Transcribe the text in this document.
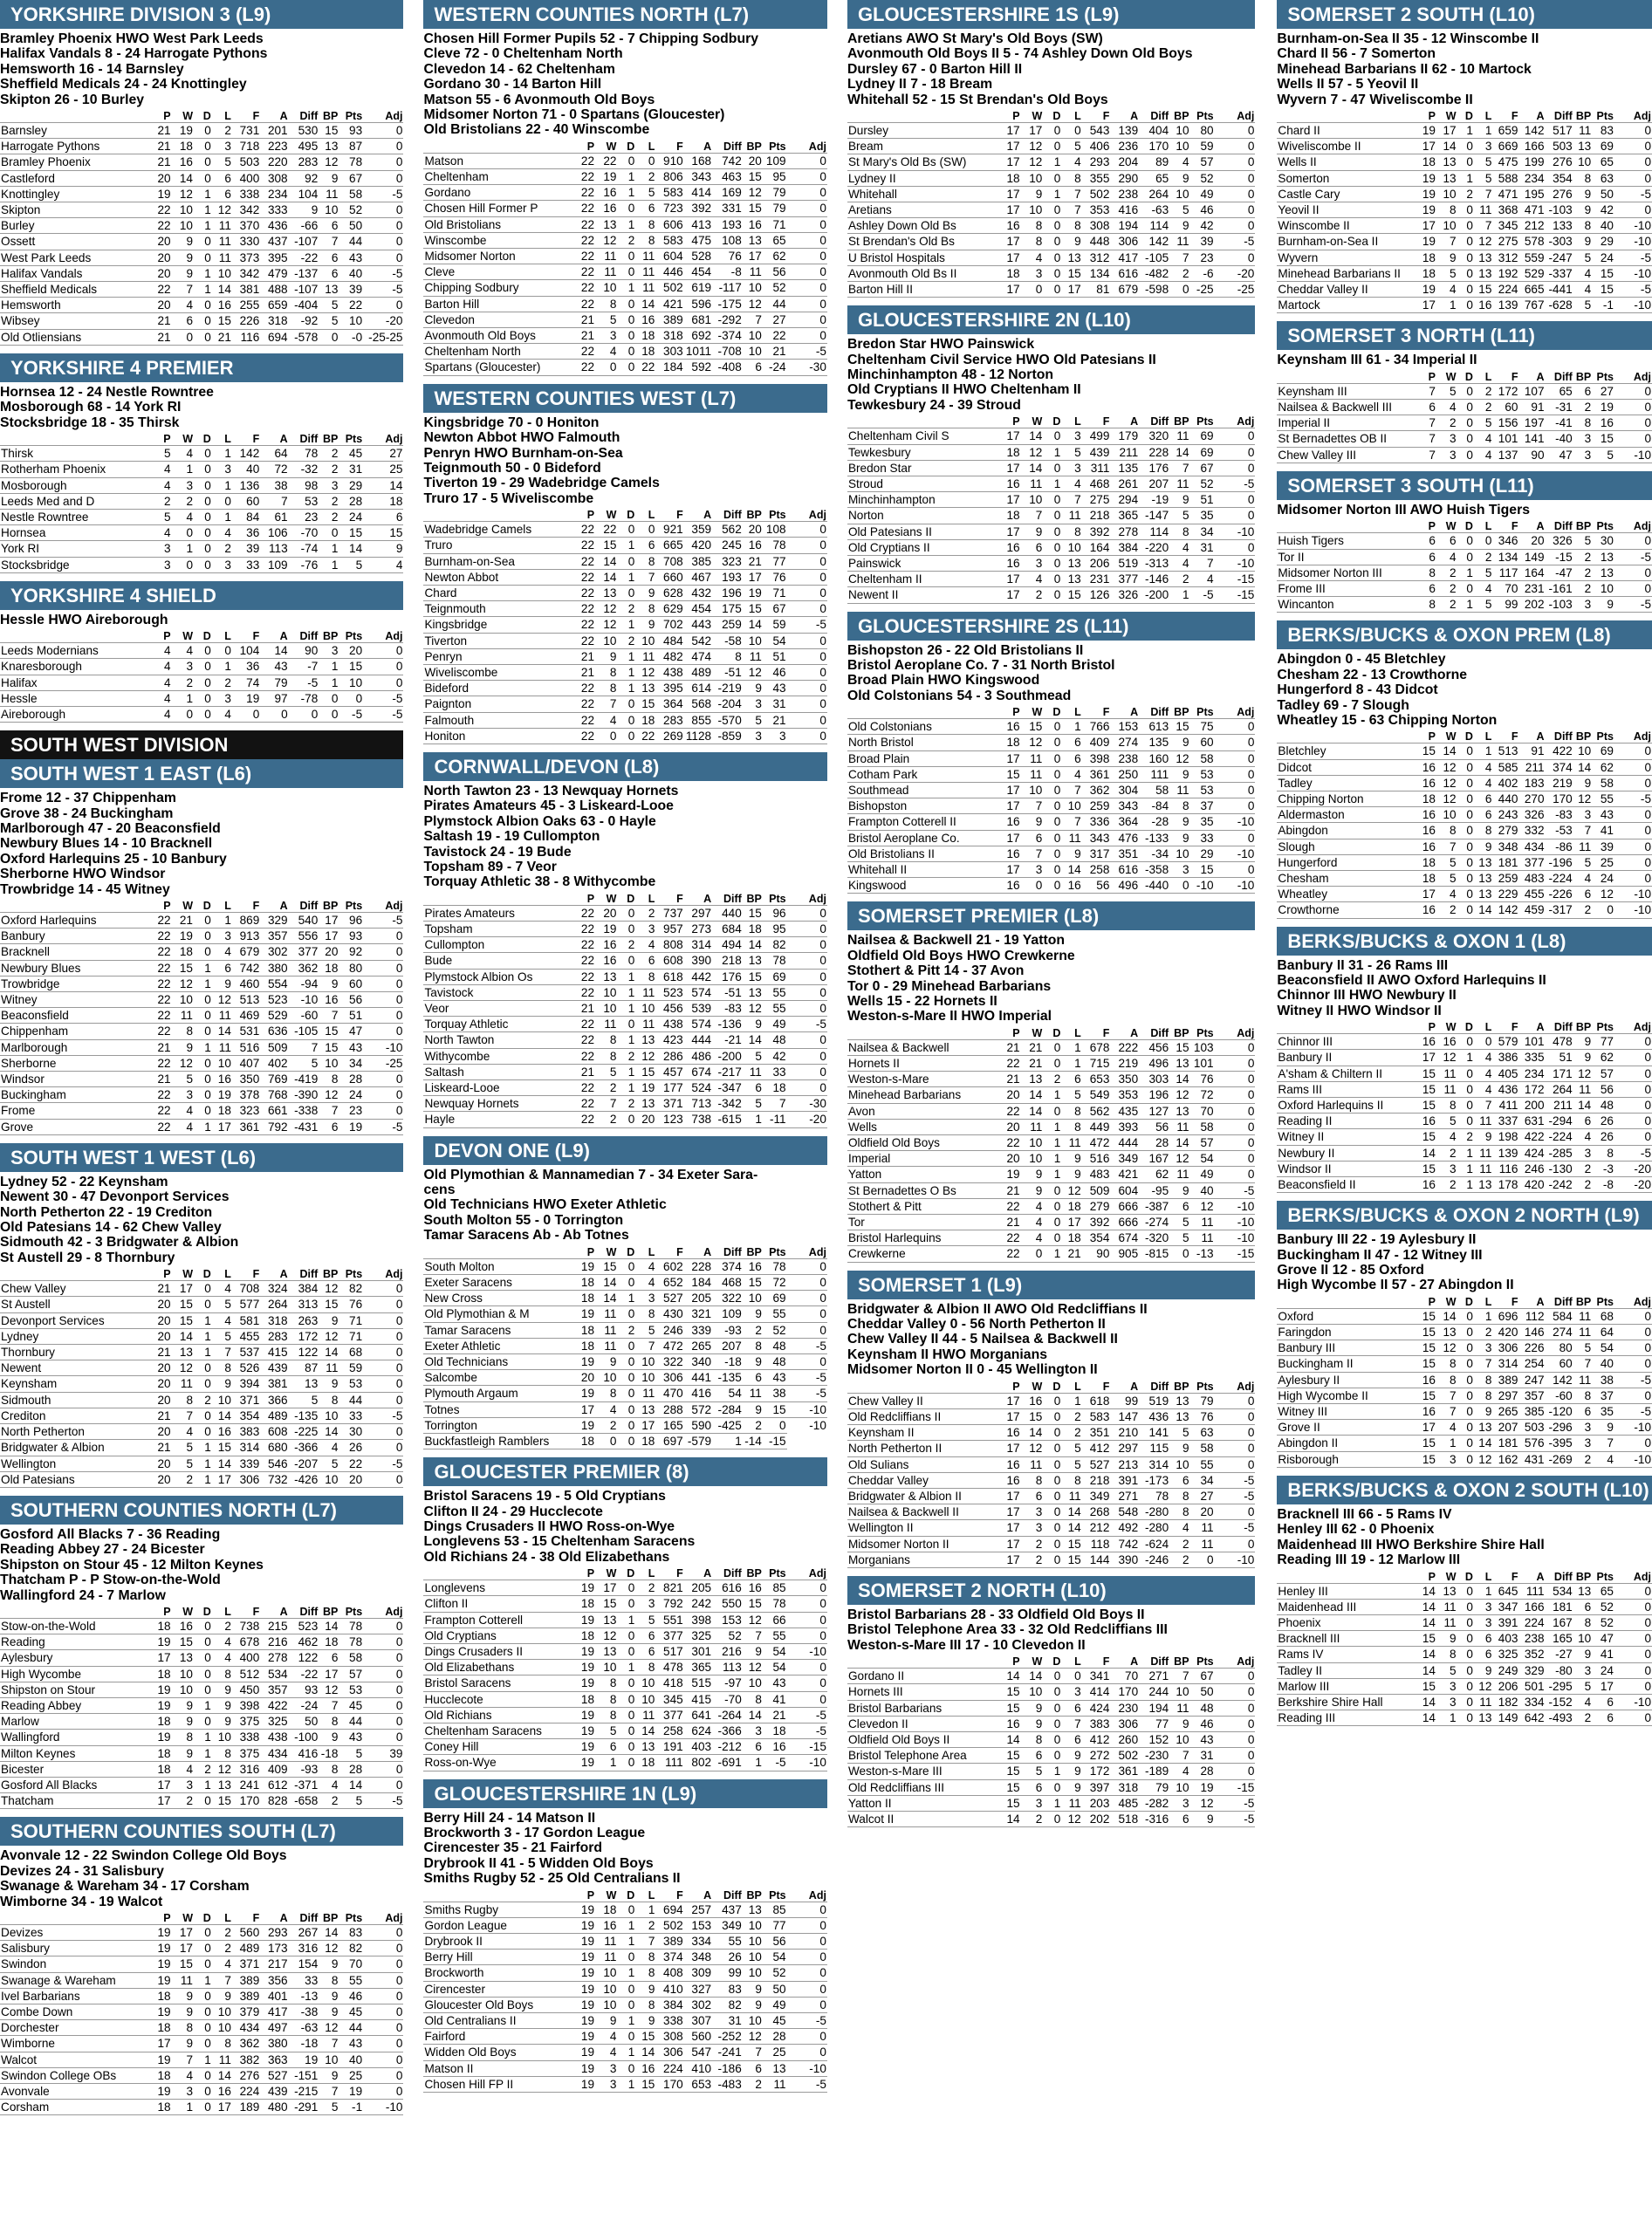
YORKSHIRE DIVISION 3 (L9)
Bramley Phoenix HWO West Park Leeds
Halifax Vandals 8 - 24 Harrogate Pythons
Hemsworth 16 - 14 Barnsley
Sheffield Medicals 24 - 24 Knottingley
Skipton 26 - 10 Burley
	P	W	D	L	F	A	Diff	BP	Pts	Adj
Barnsley	21	19	0	2	731	201	530	15	93	0
Harrogate Pythons	21	18	0	3	718	223	495	13	87	0
Bramley Phoenix	21	16	0	5	503	220	283	12	78	0
Castleford	20	14	0	6	400	308	92	9	67	0
Knottingley	19	12	1	6	338	234	104	11	58	-5
Skipton	22	10	1	12	342	333	9	10	52	0
Burley	22	10	1	11	370	436	-66	6	50	0
Ossett	20	9	0	11	330	437	-107	7	44	0
West Park Leeds	20	9	0	11	373	395	-22	6	43	0
Halifax Vandals	20	9	1	10	342	479	-137	6	40	-5
Sheffield Medicals	22	7	1	14	381	488	-107	13	39	-5
Hemsworth	20	4	0	16	255	659	-404	5	22	0
Wibsey	21	6	0	15	226	318	-92	5	10	-20
Old Otliensians	21	0	0	21	116	694	-578	0	-0	-25-25
YORKSHIRE 4 PREMIER
Hornsea 12 - 24 Nestle Rowntree
Mosborough 68 - 14 York RI
Stocksbridge 18 - 35 Thirsk
	P	W	D	L	F	A	Diff	BP	Pts	Adj
Thirsk	5	4	0	1	142	64	78	2	45	27
Rotherham Phoenix	4	1	0	3	40	72	-32	2	31	25
Mosborough	4	3	0	1	136	38	98	3	29	14
Leeds Med and D	2	2	0	0	60	7	53	2	28	18
Nestle Rowntree	5	4	0	1	84	61	23	2	24	6
Hornsea	4	0	0	4	36	106	-70	0	15	15
York RI	3	1	0	2	39	113	-74	1	14	9
Stocksbridge	3	0	0	3	33	109	-76	1	5	4
YORKSHIRE 4 SHIELD
Hessle HWO Aireborough
	P	W	D	L	F	A	Diff	BP	Pts	Adj
Leeds Modernians	4	4	0	0	104	14	90	3	20	0
Knaresborough	4	3	0	1	36	43	-7	1	15	0
Halifax	4	2	0	2	74	79	-5	1	10	0
Hessle	4	1	0	3	19	97	-78	0	0	-5
Aireborough	4	0	0	4	0	0	0	0	-5	-5
SOUTH WEST DIVISION
SOUTH WEST 1 EAST (L6)
Frome 12 - 37 Chippenham
Grove 38 - 24 Buckingham
Marlborough 47 - 20 Beaconsfield
Newbury Blues 14 - 10 Bracknell
Oxford Harlequins 25 - 10 Banbury
Sherborne HWO Windsor
Trowbridge 14 - 45 Witney
	P	W	D	L	F	A	Diff	BP	Pts	Adj
Oxford Harlequins	22	21	0	1	869	329	540	17	96	-5
Banbury	22	19	0	3	913	357	556	17	93	0
Bracknell	22	18	0	4	679	302	377	20	92	0
Newbury Blues	22	15	1	6	742	380	362	18	80	0
Trowbridge	22	12	1	9	460	554	-94	9	60	0
Witney	22	10	0	12	513	523	-10	16	56	0
Beaconsfield	22	11	0	11	469	529	-60	7	51	0
Chippenham	22	8	0	14	531	636	-105	15	47	0
Marlborough	21	9	1	11	516	509	7	15	43	-10
Sherborne	22	12	0	10	407	402	5	10	34	-25
Windsor	21	5	0	16	350	769	-419	8	28	0
Buckingham	22	3	0	19	378	768	-390	12	24	0
Frome	22	4	0	18	323	661	-338	7	23	0
Grove	22	4	1	17	361	792	-431	6	19	-5
SOUTH WEST 1 WEST (L6)
Lydney 52 - 22 Keynsham
Newent 30 - 47 Devonport Services
North Petherton 22 - 19 Crediton
Old Patesians 14 - 62 Chew Valley
Sidmouth 42 - 3 Bridgwater & Albion
St Austell 29 - 8 Thornbury
	P	W	D	L	F	A	Diff	BP	Pts	Adj
Chew Valley	21	17	0	4	708	324	384	12	82	0
St Austell	20	15	0	5	577	264	313	15	76	0
Devonport Services	20	15	1	4	581	318	263	9	71	0
Lydney	20	14	1	5	455	283	172	12	71	0
Thornbury	21	13	1	7	537	415	122	14	68	0
Newent	20	12	0	8	526	439	87	11	59	0
Keynsham	20	11	0	9	394	381	13	9	53	0
Sidmouth	20	8	2	10	371	366	5	8	44	0
Crediton	21	7	0	14	354	489	-135	10	33	-5
North Petherton	20	4	0	16	383	608	-225	14	30	0
Bridgwater & Albion	21	5	1	15	314	680	-366	4	26	0
Wellington	20	5	1	14	339	546	-207	5	22	-5
Old Patesians	20	2	1	17	306	732	-426	10	20	0
SOUTHERN COUNTIES NORTH (L7)
Gosford All Blacks 7 - 36 Reading
Reading Abbey 27 - 24 Bicester
Shipston on Stour 45 - 12 Milton Keynes
Thatcham P - P Stow-on-the-Wold
Wallingford 24 - 7 Marlow
	P	W	D	L	F	A	Diff	BP	Pts	Adj
Stow-on-the-Wold	18	16	0	2	738	215	523	14	78	0
Reading	19	15	0	4	678	216	462	18	78	0
Aylesbury	17	13	0	4	400	278	122	6	58	0
High Wycombe	18	10	0	8	512	534	-22	17	57	0
Shipston on Stour	19	10	0	9	450	357	93	12	53	0
Reading Abbey	19	9	1	9	398	422	-24	7	45	0
Marlow	18	9	0	9	375	325	50	8	44	0
Wallingford	19	8	1	10	338	438	-100	9	43	0
Milton Keynes	18	9	1	8	375	434	416	-18	5	39
Bicester	18	4	2	12	316	409	-93	8	28	0
Gosford All Blacks	17	3	1	13	241	612	-371	4	14	0
Thatcham	17	2	0	15	170	828	-658	2	5	-5
SOUTHERN COUNTIES SOUTH (L7)
Avonvale 12 - 22 Swindon College Old Boys
Devizes 24 - 31 Salisbury
Swanage & Wareham 34 - 17 Corsham
Wimborne 34 - 19 Walcot
	P	W	D	L	F	A	Diff	BP	Pts	Adj
Devizes	19	17	0	2	560	293	267	14	83	0
Salisbury	19	17	0	2	489	173	316	12	82	0
Swindon	19	15	0	4	371	217	154	9	70	0
Swanage & Wareham	19	11	1	7	389	356	33	8	55	0
Ivel Barbarians	18	9	0	9	389	401	-13	9	46	0
Combe Down	19	9	0	10	379	417	-38	9	45	0
Dorchester	18	8	0	10	434	497	-63	12	44	0
Wimborne	17	9	0	8	362	380	-18	7	43	0
Walcot	19	7	1	11	382	363	19	10	40	0
Swindon College OBs	18	4	0	14	276	527	-151	9	25	0
Avonvale	19	3	0	16	224	439	-215	7	19	0
Corsham	18	1	0	17	189	480	-291	5	-1	-10
WESTERN COUNTIES NORTH (L7)
Chosen Hill Former Pupils 52 - 7 Chipping Sodbury
Cleve 72 - 0 Cheltenham North
Clevedon 14 - 62 Cheltenham
Gordano 30 - 14 Barton Hill
Matson 55 - 6 Avonmouth Old Boys
Midsomer Norton 71 - 0 Spartans (Gloucester)
Old Bristolians 22 - 40 Winscombe
	P	W	D	L	F	A	Diff	BP	Pts	Adj
Matson	22	22	0	0	910	168	742	20	109	0
Cheltenham	22	19	1	2	806	343	463	15	95	0
Gordano	22	16	1	5	583	414	169	12	79	0
Chosen Hill Former P	22	16	0	6	723	392	331	15	79	0
Old Bristolians	22	13	1	8	606	413	193	16	71	0
Winscombe	22	12	2	8	583	475	108	13	65	0
Midsomer Norton	22	11	0	11	604	528	76	17	62	0
Cleve	22	11	0	11	446	454	-8	11	56	0
Chipping Sodbury	22	10	1	11	502	619	-117	10	52	0
Barton Hill	22	8	0	14	421	596	-175	12	44	0
Clevedon	21	5	0	16	389	681	-292	7	27	0
Avonmouth Old Boys	21	3	0	18	318	692	-374	10	22	0
Cheltenham North	22	4	0	18	303	1011	-708	10	21	-5
Spartans (Gloucester)	22	0	0	22	184	592	-408	6	-24	-30
WESTERN COUNTIES WEST (L7)
Kingsbridge 70 - 0 Honiton
Newton Abbot HWO Falmouth
Penryn HWO Burnham-on-Sea
Teignmouth 50 - 0 Bideford
Tiverton 19 - 29 Wadebridge Camels
Truro 17 - 5 Wiveliscombe
	P	W	D	L	F	A	Diff	BP	Pts	Adj
Wadebridge Camels	22	22	0	0	921	359	562	20	108	0
Truro	22	15	1	6	665	420	245	16	78	0
Burnham-on-Sea	22	14	0	8	708	385	323	21	77	0
Newton Abbot	22	14	1	7	660	467	193	17	76	0
Chard	22	13	0	9	628	432	196	19	71	0
Teignmouth	22	12	2	8	629	454	175	15	67	0
Kingsbridge	22	12	1	9	702	443	259	14	59	-5
Tiverton	22	10	2	10	484	542	-58	10	54	0
Penryn	21	9	1	11	482	474	8	11	51	0
Wiveliscombe	21	8	1	12	438	489	-51	12	46	0
Bideford	22	8	1	13	395	614	-219	9	43	0
Paignton	22	7	0	15	364	568	-204	3	31	0
Falmouth	22	4	0	18	283	855	-570	5	21	0
Honiton	22	0	0	22	269	1128	-859	3	3	0
CORNWALL/DEVON (L8)
North Tawton 23 - 13 Newquay Hornets
Pirates Amateurs 45 - 3 Liskeard-Looe
Plymstock Albion Oaks 63 - 0 Hayle
Saltash 19 - 19 Cullompton
Tavistock 24 - 19 Bude
Topsham 89 - 7 Veor
Torquay Athletic 38 - 8 Withycombe
	P	W	D	L	F	A	Diff	BP	Pts	Adj
Pirates Amateurs	22	20	0	2	737	297	440	15	96	0
Topsham	22	19	0	3	957	273	684	18	95	0
Cullompton	22	16	2	4	808	314	494	14	82	0
Bude	22	16	0	6	608	390	218	13	78	0
Plymstock Albion Os	22	13	1	8	618	442	176	15	69	0
Tavistock	22	10	1	11	523	574	-51	13	55	0
Veor	21	10	1	10	456	539	-83	12	55	0
Torquay Athletic	22	11	0	11	438	574	-136	9	49	-5
North Tawton	22	8	1	13	423	444	-21	14	48	0
Withycombe	22	8	2	12	286	486	-200	5	42	0
Saltash	21	5	1	15	457	674	-217	11	33	0
Liskeard-Looe	22	2	1	19	177	524	-347	6	18	0
Newquay Hornets	22	7	2	13	371	713	-342	5	7	-30
Hayle	22	2	0	20	123	738	-615	1	-11	-20
DEVON ONE (L9)
Old Plymothian & Mannamedian 7 - 34 Exeter Sara-
cens
Old Technicians HWO Exeter Athletic
South Molton 55 - 0 Torrington
Tamar Saracens Ab - Ab Totnes
	P	W	D	L	F	A	Diff	BP	Pts	Adj
South Molton	19	15	0	4	602	228	374	16	78	0
Exeter Saracens	18	14	0	4	652	184	468	15	72	0
New Cross	18	14	1	3	527	205	322	10	69	0
Old Plymothian & M	19	11	0	8	430	321	109	9	55	0
Tamar Saracens	18	11	2	5	246	339	-93	2	52	0
Exeter Athletic	18	11	0	7	472	265	207	8	48	-5
Old Technicians	19	9	0	10	322	340	-18	9	48	0
Salcombe	20	10	0	10	306	441	-135	6	43	-5
Plymouth Argaum	19	8	0	11	470	416	54	11	38	-5
Totnes	17	4	0	13	288	572	-284	9	15	-10
Torrington	19	2	0	17	165	590	-425	2	0	-10
Buckfastleigh Ramblers	18	0	0	18	697	-579	1	-14	-15	
GLOUCESTER PREMIER (8)
Bristol Saracens 19 - 5 Old Cryptians
Clifton II 24 - 29 Hucclecote
Dings Crusaders II HWO Ross-on-Wye
Longlevens 53 - 15 Cheltenham Saracens
Old Richians 24 - 38 Old Elizabethans
	P	W	D	L	F	A	Diff	BP	Pts	Adj
Longlevens	19	17	0	2	821	205	616	16	85	0
Clifton II	18	15	0	3	792	242	550	15	78	0
Frampton Cotterell	19	13	1	5	551	398	153	12	66	0
Old Cryptians	18	12	0	6	377	325	52	7	55	0
Dings Crusaders II	19	13	0	6	517	301	216	9	54	-10
Old Elizabethans	19	10	1	8	478	365	113	12	54	0
Bristol Saracens	19	8	0	10	418	515	-97	10	43	0
Hucclecote	18	8	0	10	345	415	-70	8	41	0
Old Richians	19	8	0	11	377	641	-264	14	21	-5
Cheltenham Saracens	19	5	0	14	258	624	-366	3	18	-5
Coney Hill	19	6	0	13	191	403	-212	6	16	-15
Ross-on-Wye	19	1	0	18	111	802	-691	1	-5	-10
GLOUCESTERSHIRE 1N (L9)
Berry Hill 24 - 14 Matson II
Brockworth 3 - 17 Gordon League
Cirencester 35 - 21 Fairford
Drybrook II 41 - 5 Widden Old Boys
Smiths Rugby 52 - 25 Old Centralians II
	P	W	D	L	F	A	Diff	BP	Pts	Adj
Smiths Rugby	19	18	0	1	694	257	437	13	85	0
Gordon League	19	16	1	2	502	153	349	10	77	0
Drybrook II	19	11	1	7	389	334	55	10	56	0
Berry Hill	19	11	0	8	374	348	26	10	54	0
Brockworth	19	10	1	8	408	309	99	10	52	0
Cirencester	19	10	0	9	410	327	83	9	50	0
Gloucester Old Boys	19	10	0	8	384	302	82	9	49	0
Old Centralians II	19	9	1	9	338	307	31	10	45	-5
Fairford	19	4	0	15	308	560	-252	12	28	0
Widden Old Boys	19	4	1	14	306	547	-241	7	25	0
Matson II	19	3	0	16	224	410	-186	6	13	-10
Chosen Hill FP II	19	3	1	15	170	653	-483	2	11	-5
GLOUCESTERSHIRE 1S (L9)
Aretians AWO St Mary's Old Boys (SW)
Avonmouth Old Boys II 5 - 74 Ashley Down Old Boys
Dursley 67 - 0 Barton Hill II
Lydney II 7 - 18 Bream
Whitehall 52 - 15 St Brendan's Old Boys
	P	W	D	L	F	A	Diff	BP	Pts	Adj
Dursley	17	17	0	0	543	139	404	10	80	0
Bream	17	12	0	5	406	236	170	10	59	0
St Mary's Old Bs (SW)	17	12	1	4	293	204	89	4	57	0
Lydney II	18	10	0	8	355	290	65	9	52	0
Whitehall	17	9	1	7	502	238	264	10	49	0
Aretians	17	10	0	7	353	416	-63	5	46	0
Ashley Down Old Bs	16	8	0	8	308	194	114	9	42	0
St Brendan's Old Bs	17	8	0	9	448	306	142	11	39	-5
U Bristol Hospitals	17	4	0	13	312	417	-105	7	23	0
Avonmouth Old Bs II	18	3	0	15	134	616	-482	2	-6	-20
Barton Hill II	17	0	0	17	81	679	-598	0	-25	-25
GLOUCESTERSHIRE 2N (L10)
Bredon Star HWO Painswick
Cheltenham Civil Service HWO Old Patesians II
Minchinhampton 48 - 12 Norton
Old Cryptians II HWO Cheltenham II
Tewkesbury 24 - 39 Stroud
	P	W	D	L	F	A	Diff	BP	Pts	Adj
Cheltenham Civil S	17	14	0	3	499	179	320	11	69	0
Tewkesbury	18	12	1	5	439	211	228	14	69	0
Bredon Star	17	14	0	3	311	135	176	7	67	0
Stroud	16	11	1	4	468	261	207	11	52	-5
Minchinhampton	17	10	0	7	275	294	-19	9	51	0
Norton	18	7	0	11	218	365	-147	5	35	0
Old Patesians II	17	9	0	8	392	278	114	8	34	-10
Old Cryptians II	16	6	0	10	164	384	-220	4	31	0
Painswick	16	3	0	13	206	519	-313	4	7	-10
Cheltenham II	17	4	0	13	231	377	-146	2	4	-15
Newent II	17	2	0	15	126	326	-200	1	-5	-15
GLOUCESTERSHIRE 2S (L11)
Bishopston 26 - 22 Old Bristolians II
Bristol Aeroplane Co. 7 - 31 North Bristol
Broad Plain HWO Kingswood
Old Colstonians 54 - 3 Southmead
	P	W	D	L	F	A	Diff	BP	Pts	Adj
Old Colstonians	16	15	0	1	766	153	613	15	75	0
North Bristol	18	12	0	6	409	274	135	9	60	0
Broad Plain	17	11	0	6	398	238	160	12	58	0
Cotham Park	15	11	0	4	361	250	111	9	53	0
Southmead	17	10	0	7	362	304	58	11	53	0
Bishopston	17	7	0	10	259	343	-84	8	37	0
Frampton Cotterell II	16	9	0	7	336	364	-28	9	35	-10
Bristol Aeroplane Co.	17	6	0	11	343	476	-133	9	33	0
Old Bristolians II	16	7	0	9	317	351	-34	10	29	-10
Whitehall II	17	3	0	14	258	616	-358	3	15	0
Kingswood	16	0	0	16	56	496	-440	0	-10	-10
SOMERSET PREMIER (L8)
Nailsea & Backwell 21 - 19 Yatton
Oldfield Old Boys HWO Crewkerne
Stothert & Pitt 14 - 37 Avon
Tor 0 - 29 Minehead Barbarians
Wells 15 - 22 Hornets II
Weston-s-Mare II HWO Imperial
	P	W	D	L	F	A	Diff	BP	Pts	Adj
Nailsea & Backwell	21	21	0	1	678	222	456	15	103	0
Hornets II	22	21	0	1	715	219	496	13	101	0
Weston-s-Mare	21	13	2	6	653	350	303	14	76	0
Minehead Barbarians	20	14	1	5	549	353	196	12	72	0
Avon	22	14	0	8	562	435	127	13	70	0
Wells	20	11	1	8	449	393	56	11	58	0
Oldfield Old Boys	22	10	1	11	472	444	28	14	57	0
Imperial	20	10	1	9	516	349	167	12	54	0
Yatton	19	9	1	9	483	421	62	11	49	0
St Bernadettes O Bs	21	9	0	12	509	604	-95	9	40	-5
Stothert & Pitt	22	4	0	18	279	666	-387	6	12	-10
Tor	21	4	0	17	392	666	-274	5	11	-10
Bristol Harlequins	22	4	0	18	354	674	-320	5	11	-10
Crewkerne	22	0	1	21	90	905	-815	0	-13	-15
SOMERSET 1 (L9)
Bridgwater & Albion II AWO Old Redcliffians II
Cheddar Valley 0 - 56 North Petherton II
Chew Valley II 44 - 5 Nailsea & Backwell II
Keynsham II HWO Morganians
Midsomer Norton II 0 - 45 Wellington II
	P	W	D	L	F	A	Diff	BP	Pts	Adj
Chew Valley II	17	16	0	1	618	99	519	13	79	0
Old Redcliffians II	17	15	0	2	583	147	436	13	76	0
Keynsham II	16	14	0	2	351	210	141	5	63	0
North Petherton II	17	12	0	5	412	297	115	9	58	0
Old Sulians	16	11	0	5	527	213	314	10	55	0
Cheddar Valley	16	8	0	8	218	391	-173	6	34	-5
Bridgwater & Albion II	17	6	0	11	349	271	78	8	27	-5
Nailsea & Backwell II	17	3	0	14	268	548	-280	8	20	0
Wellington II	17	3	0	14	212	492	-280	4	11	-5
Midsomer Norton II	17	2	0	15	118	742	-624	2	11	0
Morganians	17	2	0	15	144	390	-246	2	0	-10
SOMERSET 2 NORTH (L10)
Bristol Barbarians 28 - 33 Oldfield Old Boys II
Bristol Telephone Area 33 - 32 Old Redcliffians III
Weston-s-Mare III 17 - 10 Clevedon II
	P	W	D	L	F	A	Diff	BP	Pts	Adj
Gordano II	14	14	0	0	341	70	271	7	67	0
Hornets III	15	10	0	3	414	170	244	10	50	0
Bristol Barbarians	15	9	0	6	424	230	194	11	48	0
Clevedon II	16	9	0	7	383	306	77	9	46	0
Oldfield Old Boys II	14	8	0	6	412	260	152	10	43	0
Bristol Telephone Area	15	6	0	9	272	502	-230	7	31	0
Weston-s-Mare III	15	5	1	9	172	361	-189	4	28	0
Old Redcliffians III	15	6	0	9	397	318	79	10	19	-15
Yatton II	15	3	1	11	203	485	-282	3	12	-5
Walcot II	14	2	0	12	202	518	-316	6	9	-5
SOMERSET 2 SOUTH (L10)
Burnham-on-Sea II 35 - 12 Winscombe II
Chard II 56 - 7 Somerton
Minehead Barbarians II 62 - 10 Martock
Wells II 57 - 5 Yeovil II
Wyvern 7 - 47 Wiveliscombe II
	P	W	D	L	F	A	Diff	BP	Pts	Adj
Chard II	19	17	1	1	659	142	517	11	83	0
Wiveliscombe II	17	14	0	3	669	166	503	13	69	0
Wells II	18	13	0	5	475	199	276	10	65	0
Somerton	19	13	1	5	588	234	354	8	63	0
Castle Cary	19	10	2	7	471	195	276	9	50	-5
Yeovil II	19	8	0	11	368	471	-103	9	42	0
Winscombe II	17	10	0	7	345	212	133	8	40	-10
Burnham-on-Sea II	19	7	0	12	275	578	-303	9	29	-10
Wyvern	18	9	0	13	312	559	-247	5	24	-5
Minehead Barbarians II	18	5	0	13	192	529	-337	4	15	-10
Cheddar Valley II	19	4	0	15	224	665	-441	4	15	-5
Martock	17	1	0	16	139	767	-628	5	-1	-10
SOMERSET 3 NORTH (L11)
Keynsham III 61 - 34 Imperial II
	P	W	D	L	F	A	Diff	BP	Pts	Adj
Keynsham III	7	5	0	2	172	107	65	6	27	0
Nailsea & Backwell III	6	4	0	2	60	91	-31	2	19	0
Imperial II	7	2	0	5	156	197	-41	8	16	0
St Bernadettes OB II	7	3	0	4	101	141	-40	3	15	0
Chew Valley III	7	3	0	4	137	90	47	3	5	-10
SOMERSET 3 SOUTH (L11)
Midsomer Norton III AWO Huish Tigers
	P	W	D	L	F	A	Diff	BP	Pts	Adj
Huish Tigers	6	6	0	0	346	20	326	5	30	0
Tor II	6	4	0	2	134	149	-15	2	13	-5
Midsomer Norton III	8	2	1	5	117	164	-47	2	13	0
Frome III	6	2	0	4	70	231	-161	2	10	0
Wincanton	8	2	1	5	99	202	-103	3	9	-5
BERKS/BUCKS & OXON PREM (L8)
Abingdon 0 - 45 Bletchley
Chesham 22 - 13 Crowthorne
Hungerford 8 - 43 Didcot
Tadley 69 - 7 Slough
Wheatley 15 - 63 Chipping Norton
	P	W	D	L	F	A	Diff	BP	Pts	Adj
Bletchley	15	14	0	1	513	91	422	10	69	0
Didcot	16	12	0	4	585	211	374	14	62	0
Tadley	16	12	0	4	402	183	219	9	58	0
Chipping Norton	18	12	0	6	440	270	170	12	55	-5
Aldermaston	16	10	0	6	243	326	-83	3	43	0
Abingdon	16	8	0	8	279	332	-53	7	41	0
Slough	16	7	0	9	348	434	-86	11	39	0
Hungerford	18	5	0	13	181	377	-196	5	25	0
Chesham	18	5	0	13	259	483	-224	4	24	0
Wheatley	17	4	0	13	229	455	-226	6	12	-10
Crowthorne	16	2	0	14	142	459	-317	2	0	-10
BERKS/BUCKS & OXON 1 (L8)
Banbury II 31 - 26 Rams III
Beaconsfield II AWO Oxford Harlequins II
Chinnor III HWO Newbury II
Witney II HWO Windsor II
	P	W	D	L	F	A	Diff	BP	Pts	Adj
Chinnor III	16	16	0	0	579	101	478	9	77	0
Banbury II	17	12	1	4	386	335	51	9	62	0
A'sham & Chiltern II	15	11	0	4	405	234	171	12	57	0
Rams III	15	11	0	4	436	172	264	11	56	0
Oxford Harlequins II	15	8	0	7	411	200	211	14	48	0
Reading II	16	5	0	11	337	631	-294	6	26	0
Witney II	15	4	2	9	198	422	-224	4	26	0
Newbury II	14	2	1	11	139	424	-285	3	8	-5
Windsor II	15	3	1	11	116	246	-130	2	-3	-20
Beaconsfield II	16	2	1	13	178	420	-242	2	-8	-20
BERKS/BUCKS & OXON 2 NORTH (L9)
Banbury III 22 - 19 Aylesbury II
Buckingham II 47 - 12 Witney III
Grove II 12 - 85 Oxford
High Wycombe II 57 - 27 Abingdon II
	P	W	D	L	F	A	Diff	BP	Pts	Adj
Oxford	15	14	0	1	696	112	584	11	68	0
Faringdon	15	13	0	2	420	146	274	11	64	0
Banbury III	15	12	0	3	306	226	80	5	54	0
Buckingham II	15	8	0	7	314	254	60	7	40	0
Aylesbury II	16	8	0	8	389	247	142	11	38	-5
High Wycombe II	15	7	0	8	297	357	-60	8	37	0
Witney III	16	7	0	9	265	385	-120	6	35	-5
Grove II	17	4	0	13	207	503	-296	3	9	-10
Abingdon II	15	1	0	14	181	576	-395	3	7	0
Risborough	15	3	0	12	162	431	-269	2	4	-10
BERKS/BUCKS & OXON 2 SOUTH (L10)
Bracknell III 66 - 5 Rams IV
Henley III 62 - 0 Phoenix
Maidenhead III HWO Berkshire Shire Hall
Reading III 19 - 12 Marlow III
	P	W	D	L	F	A	Diff	BP	Pts	Adj
Henley III	14	13	0	1	645	111	534	13	65	0
Maidenhead III	14	11	0	3	347	166	181	6	52	0
Phoenix	14	11	0	3	391	224	167	8	52	0
Bracknell III	15	9	0	6	403	238	165	10	47	0
Rams IV	14	8	0	6	325	352	-27	9	41	0
Tadley II	14	5	0	9	249	329	-80	3	24	0
Marlow III	15	3	0	12	206	501	-295	5	17	0
Berkshire Shire Hall	14	3	0	11	182	334	-152	4	6	-10
Reading III	14	1	0	13	149	642	-493	2	6	0
